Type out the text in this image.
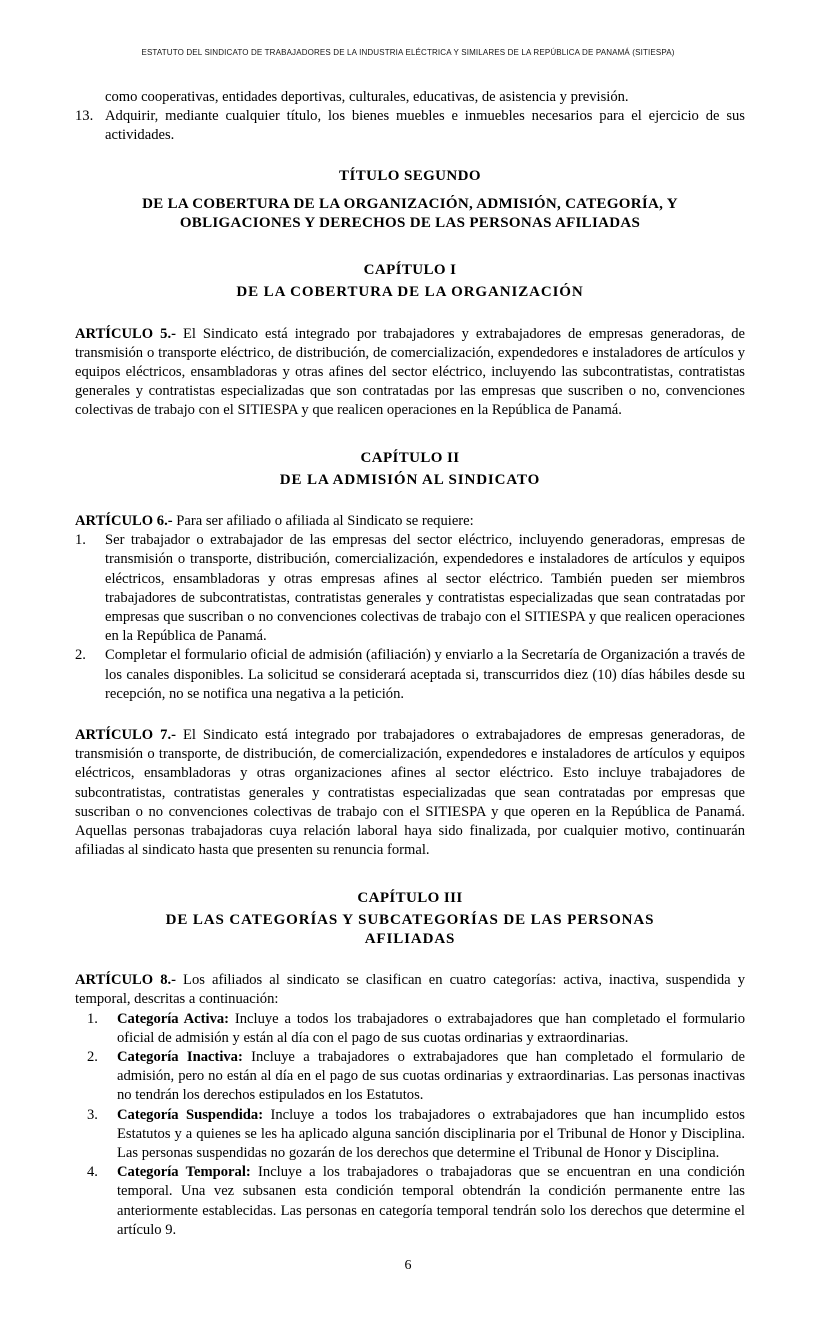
ESTATUTO DEL SINDICATO DE TRABAJADORES DE LA INDUSTRIA ELÉCTRICA Y SIMILARES DE LA REPÚBLICA DE PANAMÁ (SITIESPA)
como cooperativas, entidades deportivas, culturales, educativas, de asistencia y previsión.
13. Adquirir, mediante cualquier título, los bienes muebles e inmuebles necesarios para el ejercicio de sus actividades.
TÍTULO SEGUNDO
DE LA COBERTURA DE LA ORGANIZACIÓN, ADMISIÓN, CATEGORÍA, Y OBLIGACIONES Y DERECHOS DE LAS PERSONAS AFILIADAS
CAPÍTULO I
DE LA COBERTURA DE LA ORGANIZACIÓN

ARTÍCULO 5.- El Sindicato está integrado por trabajadores y extrabajadores de empresas generadoras, de transmisión o transporte eléctrico, de distribución, de comercialización, expendedores e instaladores de artículos y equipos eléctricos, ensambladoras y otras afines del sector eléctrico, incluyendo las subcontratistas, contratistas generales y contratistas especializadas que son contratadas por las empresas que suscriben o no, convenciones colectivas de trabajo con el SITIESPA y que realicen operaciones en la República de Panamá.

CAPÍTULO II
DE LA ADMISIÓN AL SINDICATO

ARTÍCULO 6.- Para ser afiliado o afiliada al Sindicato se requiere:

1.	Ser trabajador o extrabajador de las empresas del sector eléctrico, incluyendo generadoras, empresas de transmisión o transporte, distribución, comercialización, expendedores e instaladores de artículos y equipos eléctricos, ensambladoras y otras empresas afines al sector eléctrico. También pueden ser miembros trabajadores de subcontratistas, contratistas generales y contratistas especializadas que sean contratadas por empresas que suscriban o no convenciones colectivas de trabajo con el SITIESPA y que realicen operaciones en la República de Panamá.
2.	Completar el formulario oficial de admisión (afiliación) y enviarlo a la Secretaría de Organización a través de los canales disponibles. La solicitud se considerará aceptada si, transcurridos diez (10) días hábiles desde su recepción, no se notifica una negativa a la petición.

ARTÍCULO 7.- El Sindicato está integrado por trabajadores o extrabajadores de empresas generadoras, de transmisión o transporte, de distribución, de comercialización, expendedores e instaladores de artículos y equipos eléctricos, ensambladoras y otras organizaciones afines al sector eléctrico. Esto incluye trabajadores de subcontratistas, contratistas generales y contratistas especializadas que sean contratadas por empresas que suscriban o no convenciones colectivas de trabajo con el SITIESPA y que operen en la República de Panamá. Aquellas personas trabajadoras cuya relación laboral haya sido finalizada, por cualquier motivo, continuarán afiliadas al sindicato hasta que presenten su renuncia formal.

CAPÍTULO III
DE LAS CATEGORÍAS Y SUBCATEGORÍAS DE LAS PERSONAS AFILIADAS

ARTÍCULO 8.- Los afiliados al sindicato se clasifican en cuatro categorías: activa, inactiva, suspendida y temporal, descritas a continuación:

1.	Categoría Activa: Incluye a todos los trabajadores o extrabajadores que han completado el formulario oficial de admisión y están al día con el pago de sus cuotas ordinarias y extraordinarias.
2.	Categoría Inactiva: Incluye a trabajadores o extrabajadores que han completado el formulario de admisión, pero no están al día en el pago de sus cuotas ordinarias y extraordinarias. Las personas inactivas no tendrán los derechos estipulados en los Estatutos.
3.	Categoría Suspendida: Incluye a todos los trabajadores o extrabajadores que han incumplido estos Estatutos y a quienes se les ha aplicado alguna sanción disciplinaria por el Tribunal de Honor y Disciplina. Las personas suspendidas no gozarán de los derechos que determine el Tribunal de Honor y Disciplina.
4.	Categoría Temporal: Incluye a los trabajadores o trabajadoras que se encuentran en una condición temporal. Una vez subsanen esta condición temporal obtendrán la condición permanente entre las anteriormente establecidas. Las personas en categoría temporal tendrán solo los derechos que determine el artículo 9.
6
